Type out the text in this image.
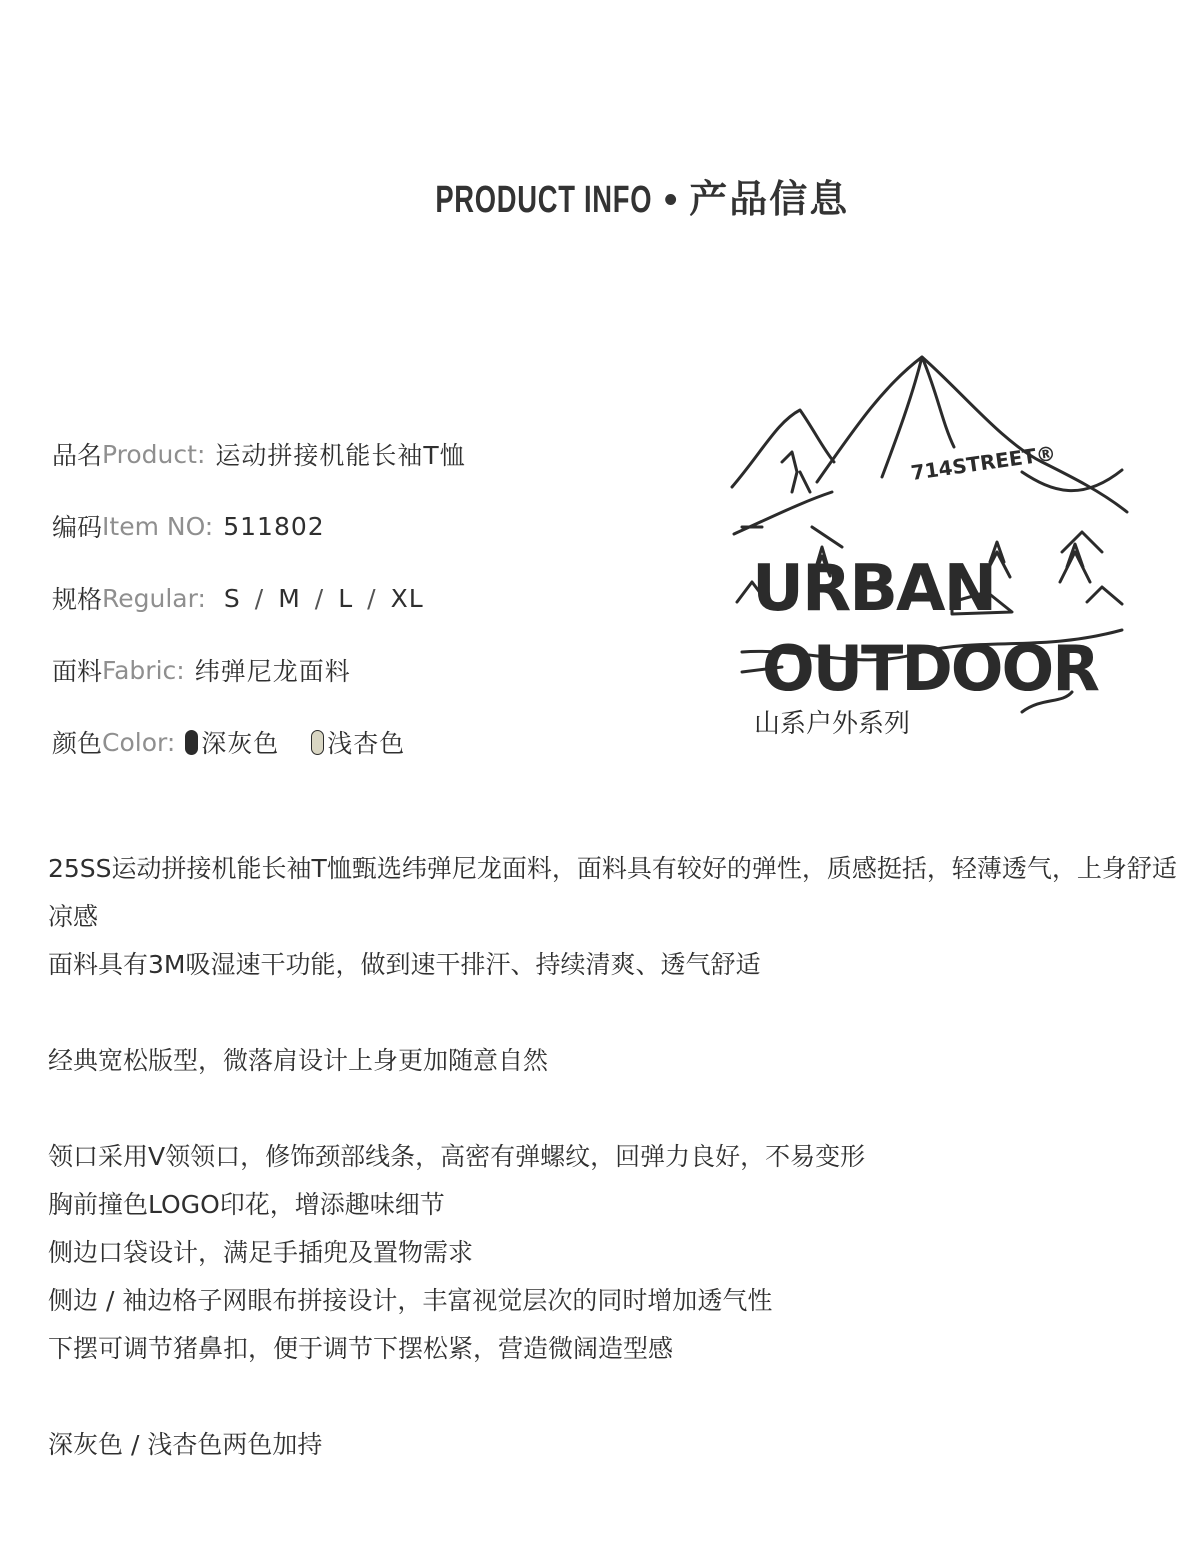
PRODUCT INFO • 产品信息
品名 Product: 运动拼接机能长袖T恤
编码 Item NO: 511802
规格 Regular: S / M / L / XL
面料 Fabric: 纬弹尼龙面料
颜色 Color: 深灰色 浅杏色
714STREET®
URBAN
OUTDOOR
山系户外系列
25SS运动拼接机能长袖T恤甄选纬弹尼龙面料，面料具有较好的弹性，质感挺括，轻薄透气，上身舒适凉感
面料具有3M吸湿速干功能，做到速干排汗、持续清爽、透气舒适
经典宽松版型，微落肩设计上身更加随意自然
领口采用V领领口，修饰颈部线条，高密有弹螺纹，回弹力良好，不易变形
胸前撞色LOGO印花，增添趣味细节
侧边口袋设计，满足手插兜及置物需求
侧边 / 袖边格子网眼布拼接设计，丰富视觉层次的同时增加透气性
下摆可调节猪鼻扣，便于调节下摆松紧，营造微阔造型感
深灰色 / 浅杏色两色加持
